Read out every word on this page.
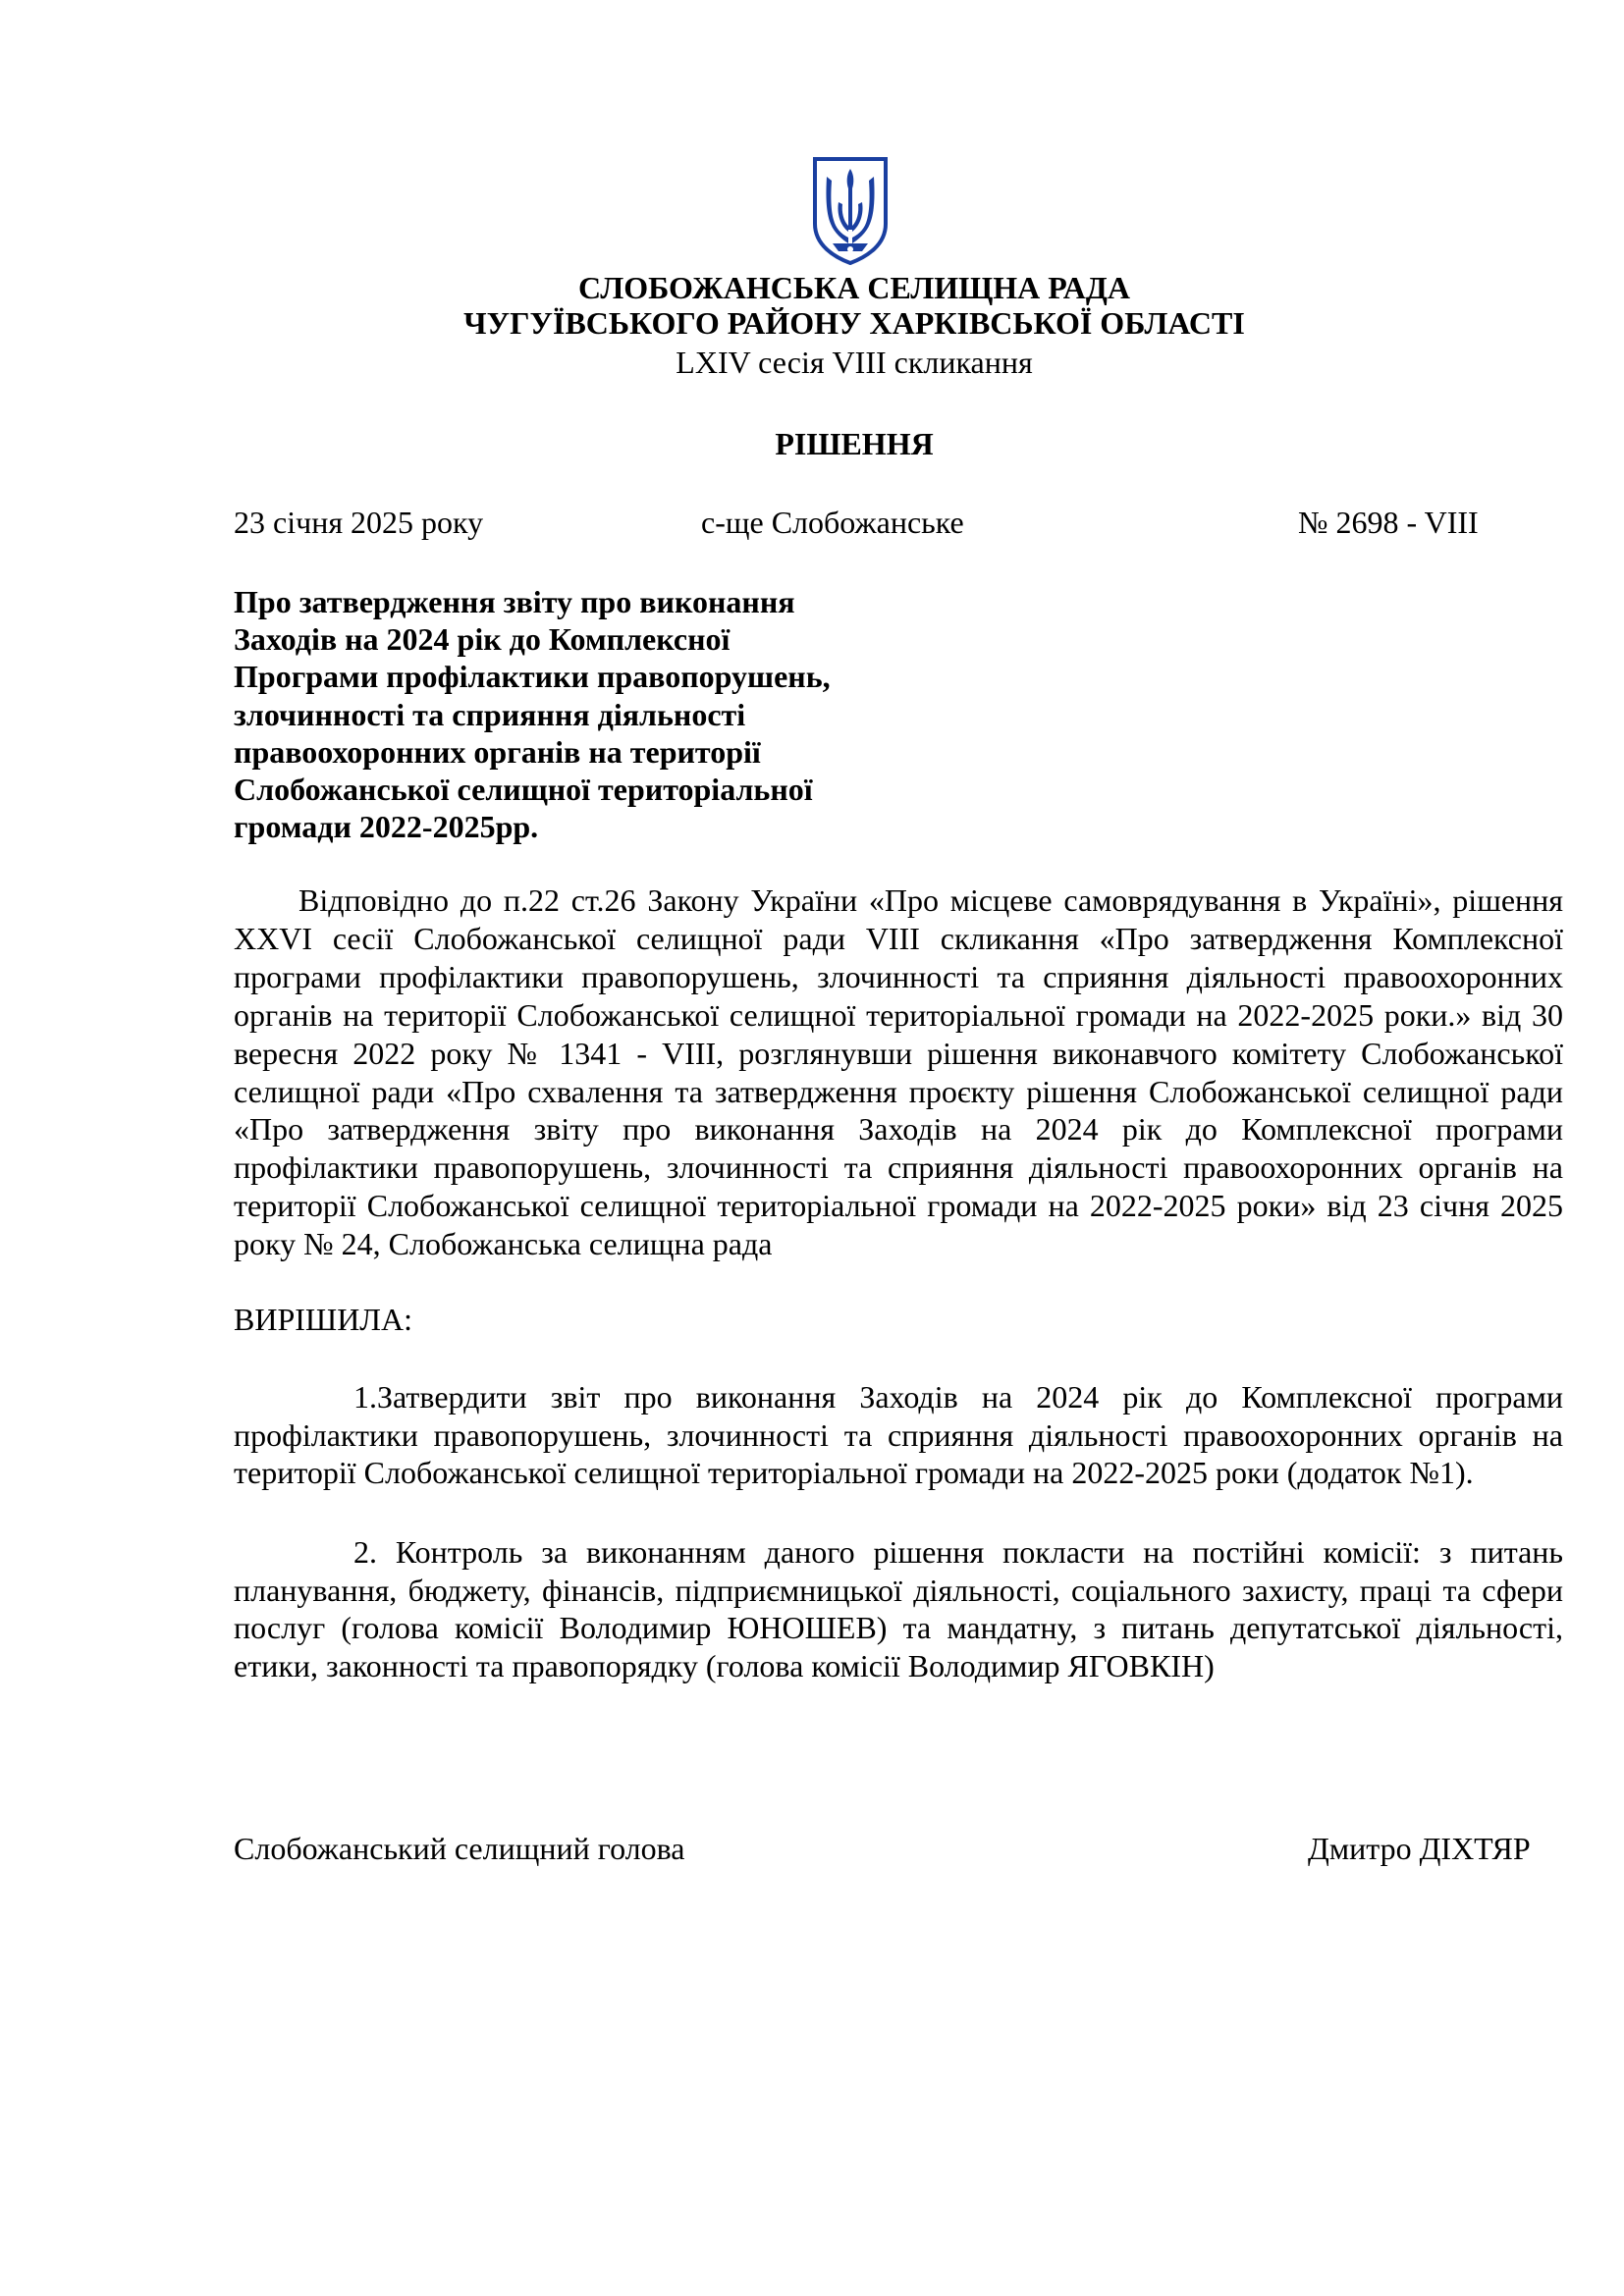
СЛОБОЖАНСЬКА СЕЛИЩНА РАДА
ЧУГУЇВСЬКОГО РАЙОНУ ХАРКІВСЬКОЇ ОБЛАСТІ
LXIV сесія VIII скликання
РІШЕННЯ
23 січня 2025 року	с-ще Слобожанське	№ 2698 - VIII
Про затвердження звіту про виконання
Заходів на 2024 рік до Комплексної
Програми профілактики правопорушень,
злочинності та сприяння діяльності
правоохоронних органів на території
Слобожанської селищної територіальної
громади 2022-2025рр.
Відповідно до п.22 ст.26 Закону України «Про місцеве самоврядування в Україні», рішення XXVI сесії Слобожанської селищної ради VIII скликання «Про затвердження Комплексної програми профілактики правопорушень, злочинності та сприяння діяльності правоохоронних органів на території Слобожанської селищної територіальної громади на 2022-2025 роки.» від 30 вересня 2022 року № 1341 - VIII, розглянувши рішення виконавчого комітету Слобожанської селищної ради «Про схвалення та затвердження проєкту рішення Слобожанської селищної ради «Про затвердження звіту про виконання Заходів на 2024 рік до Комплексної програми профілактики правопорушень, злочинності та сприяння діяльності правоохоронних органів на території Слобожанської селищної територіальної громади на 2022-2025 роки» від 23 січня 2025 року № 24, Слобожанська селищна рада
ВИРІШИЛА:
1.Затвердити звіт про виконання Заходів на 2024 рік до Комплексної програми профілактики правопорушень, злочинності та сприяння діяльності правоохоронних органів на території Слобожанської селищної територіальної громади на 2022-2025 роки (додаток №1).
2. Контроль за виконанням даного рішення покласти на постійні комісії: з питань планування, бюджету, фінансів, підприємницької діяльності, соціального захисту, праці та сфери послуг (голова комісії Володимир ЮНОШЕВ) та мандатну, з питань депутатської діяльності, етики, законності та правопорядку (голова комісії Володимир ЯГОВКІН)
Слобожанський селищний голова	Дмитро ДІХТЯР
